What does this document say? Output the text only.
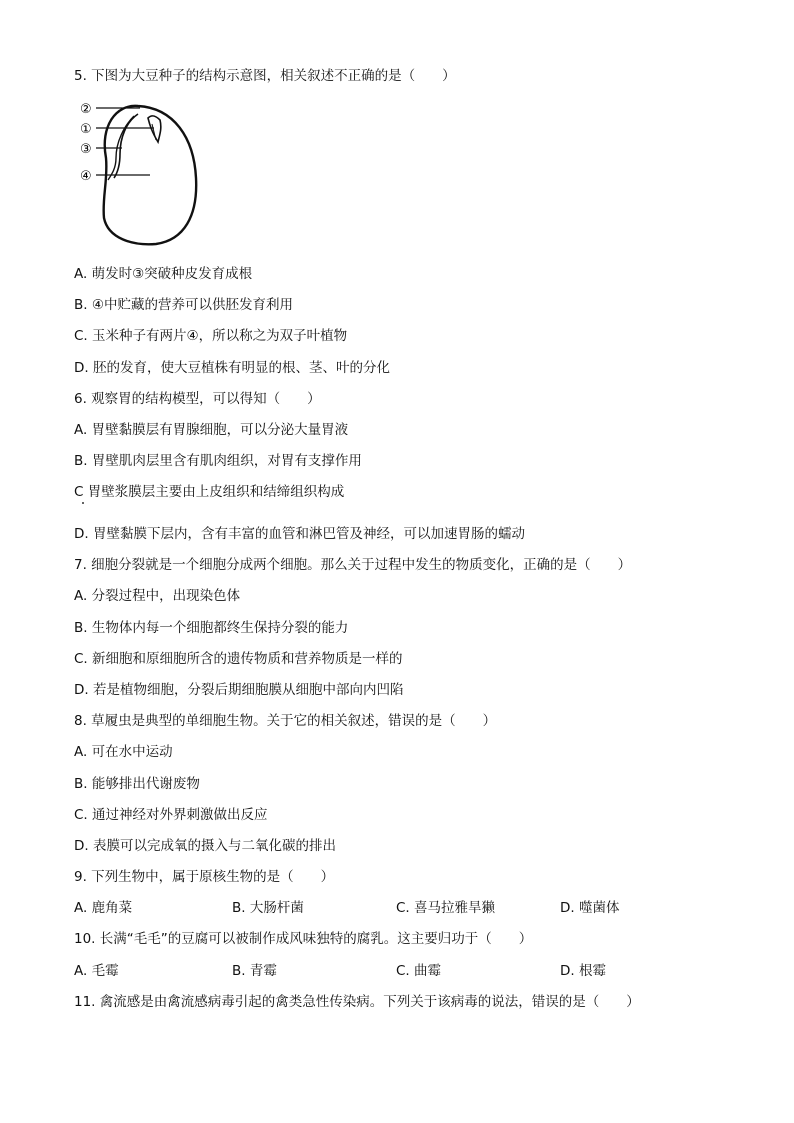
5. 下图为大豆种子的结构示意图，相关叙述不正确的是（　　）
②
①
③
④
A. 萌发时③突破种皮发育成根
B. ④中贮藏的营养可以供胚发育利用
C. 玉米种子有两片④，所以称之为双子叶植物
D. 胚的发育，使大豆植株有明显的根、茎、叶的分化
6. 观察胃的结构模型，可以得知（　　）
A. 胃壁黏膜层有胃腺细胞，可以分泌大量胃液
B. 胃壁肌肉层里含有肌肉组织，对胃有支撑作用
C 胃壁浆膜层主要由上皮组织和结缔组织构成
D. 胃壁黏膜下层内，含有丰富的血管和淋巴管及神经，可以加速胃肠的蠕动
7. 细胞分裂就是一个细胞分成两个细胞。那么关于过程中发生的物质变化，正确的是（　　）
A. 分裂过程中，出现染色体
B. 生物体内每一个细胞都终生保持分裂的能力
C. 新细胞和原细胞所含的遗传物质和营养物质是一样的
D. 若是植物细胞，分裂后期细胞膜从细胞中部向内凹陷
8. 草履虫是典型的单细胞生物。关于它的相关叙述，错误的是（　　）
A. 可在水中运动
B. 能够排出代谢废物
C. 通过神经对外界刺激做出反应
D. 表膜可以完成氧的摄入与二氧化碳的排出
9. 下列生物中，属于原核生物的是（　　）
A. 鹿角菜	B. 大肠杆菌	C. 喜马拉雅旱獭	D. 噬菌体
10. 长满“毛毛”的豆腐可以被制作成风味独特的腐乳。这主要归功于（　　）
A. 毛霉	B. 青霉	C. 曲霉	D. 根霉
11. 禽流感是由禽流感病毒引起的禽类急性传染病。下列关于该病毒的说法，错误的是（　　）
